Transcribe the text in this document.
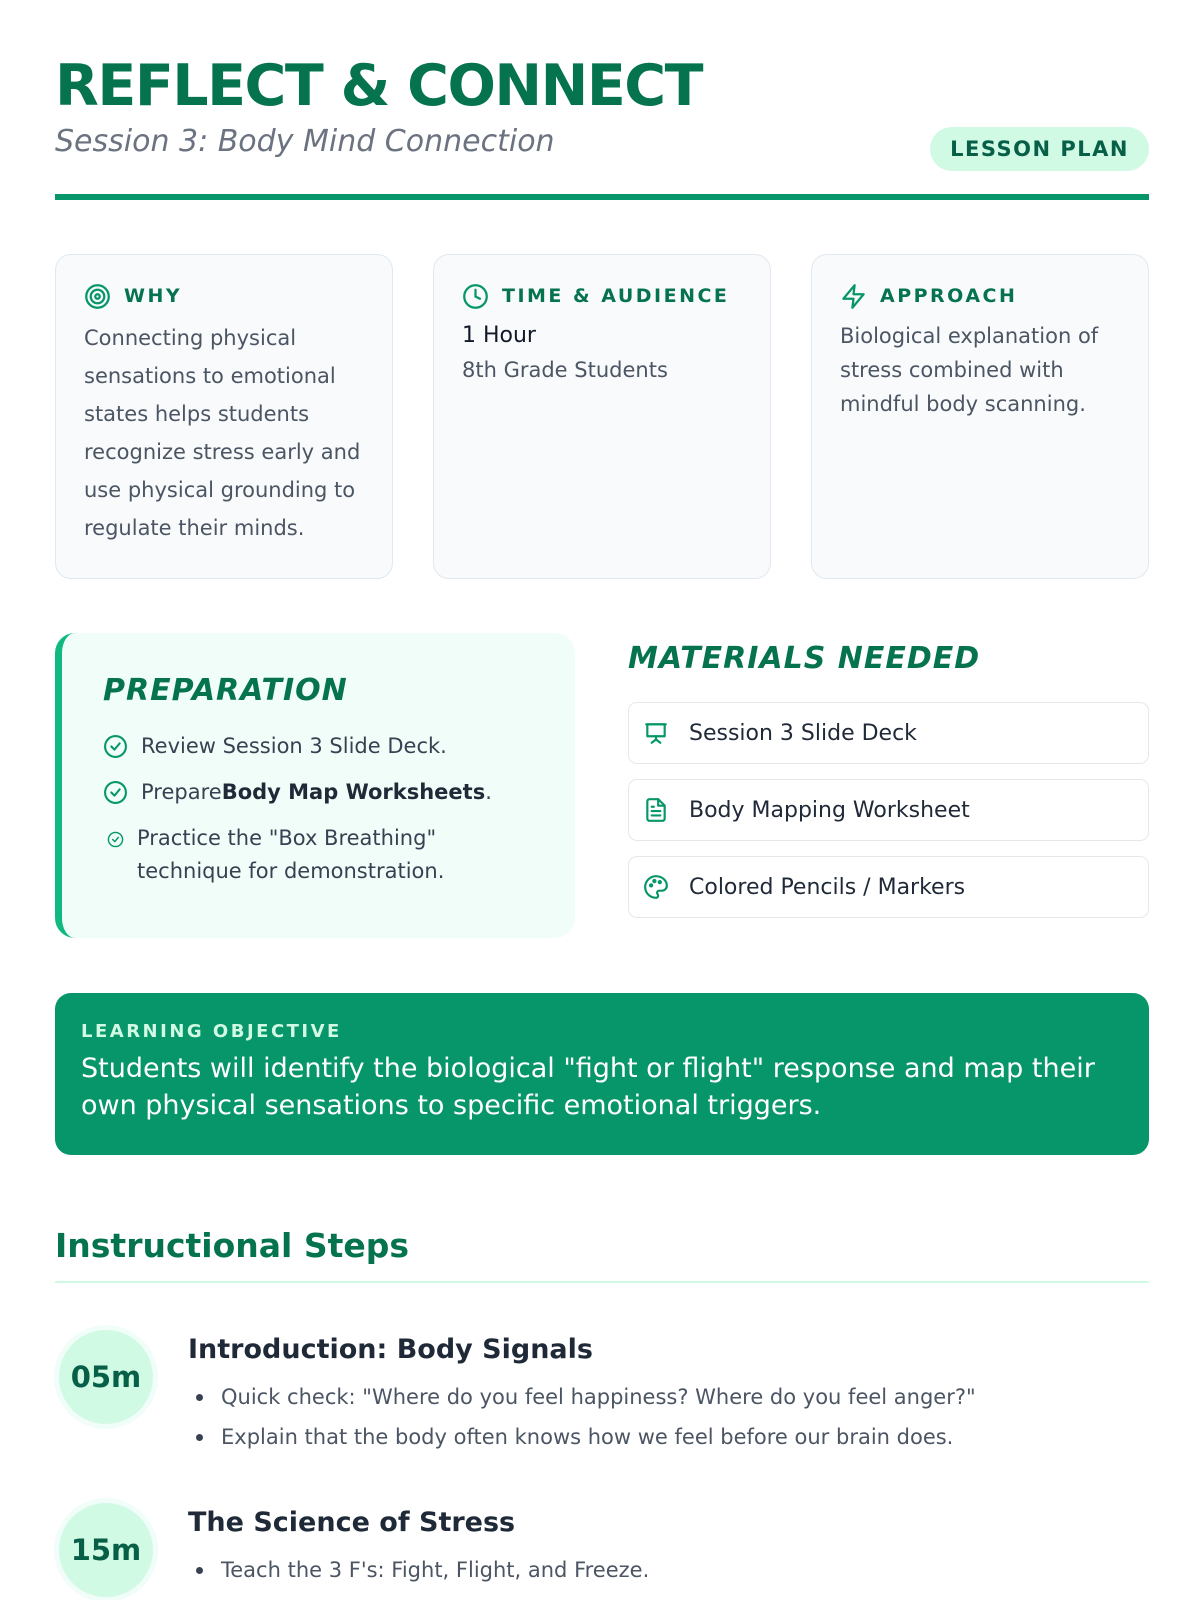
REFLECT & CONNECT
Session 3: Body Mind Connection	LESSON PLAN
WHY
Connecting physical sensations to emotional states helps students recognize stress early and use physical grounding to regulate their minds.
TIME & AUDIENCE
1 Hour
8th Grade Students
APPROACH
Biological explanation of stress combined with mindful body scanning.
PREPARATION
Review Session 3 Slide Deck.
PrepareBody Map Worksheets.
Practice the "Box Breathing" technique for demonstration.
MATERIALS NEEDED
Session 3 Slide Deck
Body Mapping Worksheet
Colored Pencils / Markers
LEARNING OBJECTIVE
Students will identify the biological "fight or flight" response and map their own physical sensations to specific emotional triggers.
Instructional Steps
05m
Introduction: Body Signals
Quick check: "Where do you feel happiness? Where do you feel anger?"
Explain that the body often knows how we feel before our brain does.
15m
The Science of Stress
Teach the 3 F's: Fight, Flight, and Freeze.
